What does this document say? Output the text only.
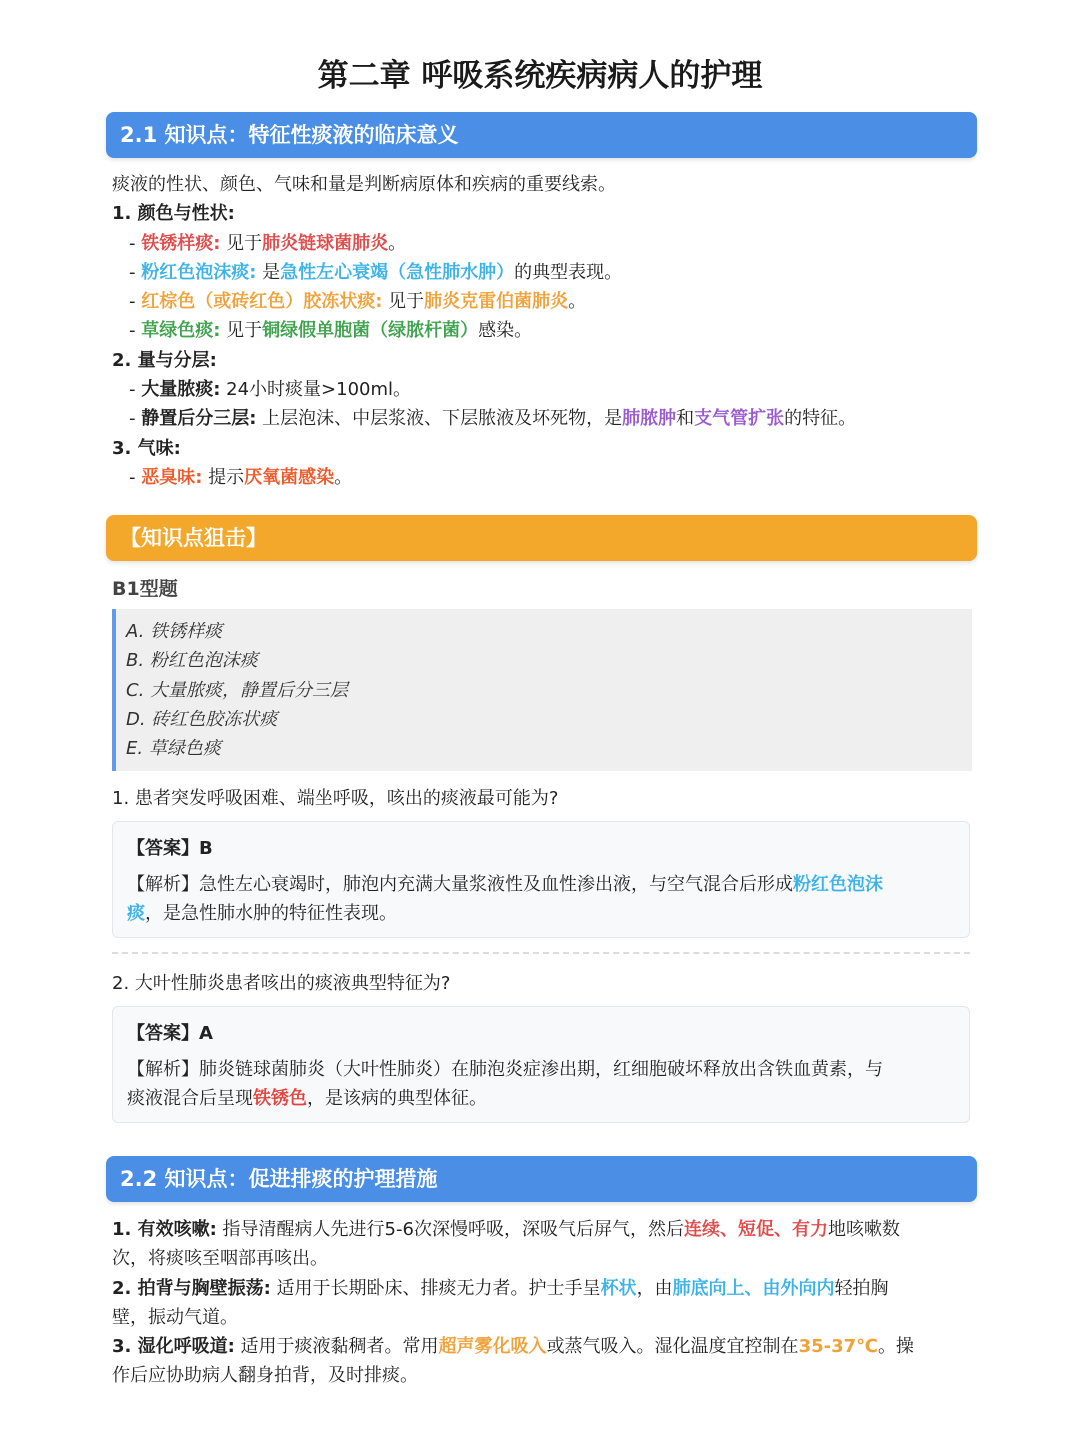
第二章 呼吸系统疾病病人的护理
2.1 知识点：特征性痰液的临床意义
痰液的性状、颜色、气味和量是判断病原体和疾病的重要线索。
1. 颜色与性状:
- 铁锈样痰: 见于肺炎链球菌肺炎。
- 粉红色泡沫痰: 是急性左心衰竭（急性肺水肿）的典型表现。
- 红棕色（或砖红色）胶冻状痰: 见于肺炎克雷伯菌肺炎。
- 草绿色痰: 见于铜绿假单胞菌（绿脓杆菌）感染。
2. 量与分层:
- 大量脓痰: 24小时痰量>100ml。
- 静置后分三层: 上层泡沫、中层浆液、下层脓液及坏死物，是肺脓肿和支气管扩张的特征。
3. 气味:
- 恶臭味: 提示厌氧菌感染。
【知识点狙击】
B1型题
A. 铁锈样痰
B. 粉红色泡沫痰
C. 大量脓痰，静置后分三层
D. 砖红色胶冻状痰
E. 草绿色痰
1. 患者突发呼吸困难、端坐呼吸，咳出的痰液最可能为?
【答案】B
【解析】急性左心衰竭时，肺泡内充满大量浆液性及血性渗出液，与空气混合后形成粉红色泡沫
痰，是急性肺水肿的特征性表现。
2. 大叶性肺炎患者咳出的痰液典型特征为?
【答案】A
【解析】肺炎链球菌肺炎（大叶性肺炎）在肺泡炎症渗出期，红细胞破坏释放出含铁血黄素，与
痰液混合后呈现铁锈色，是该病的典型体征。
2.2 知识点：促进排痰的护理措施
1. 有效咳嗽: 指导清醒病人先进行5-6次深慢呼吸，深吸气后屏气，然后连续、短促、有力地咳嗽数
次，将痰咳至咽部再咳出。
2. 拍背与胸壁振荡: 适用于长期卧床、排痰无力者。护士手呈杯状，由肺底向上、由外向内轻拍胸
壁，振动气道。
3. 湿化呼吸道: 适用于痰液黏稠者。常用超声雾化吸入或蒸气吸入。湿化温度宜控制在35-37℃。操
作后应协助病人翻身拍背，及时排痰。
